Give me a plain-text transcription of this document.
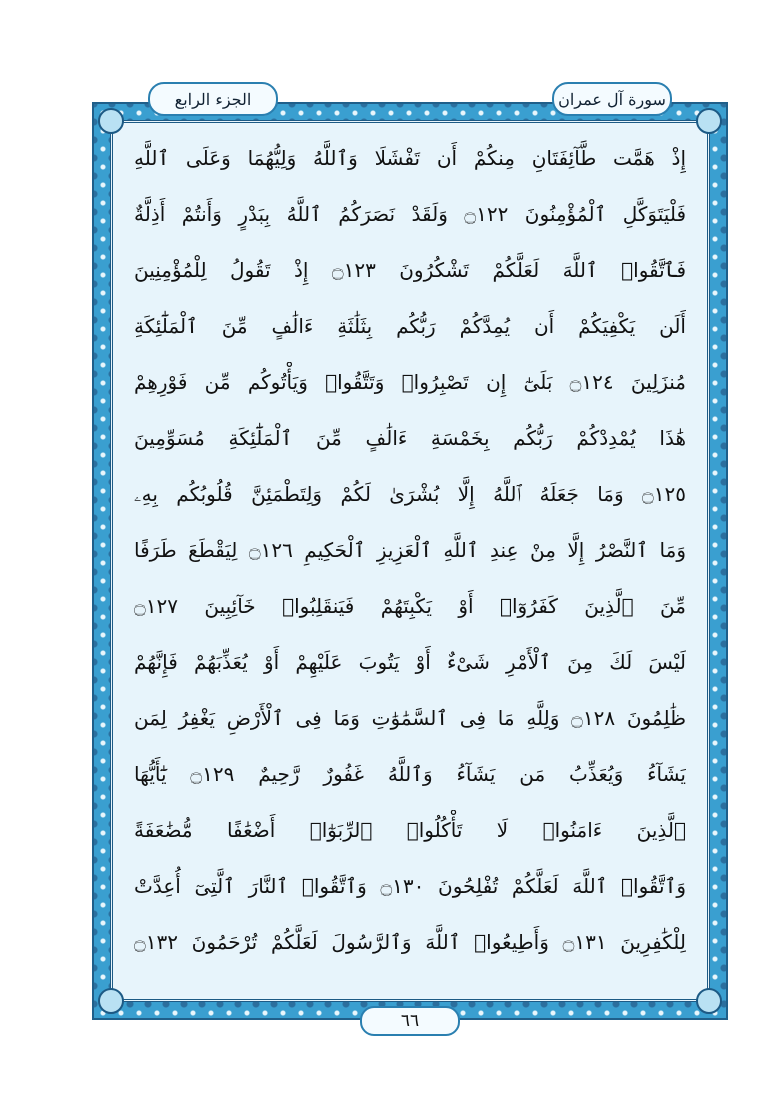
الجزء الرابع	سورة آل عمران
إِذْ هَمَّت طَّآئِفَتَانِ مِنكُمْ أَن تَفْشَلَا وَٱللَّهُ وَلِيُّهُمَا وَعَلَى ٱللَّهِ
فَلْيَتَوَكَّلِ ٱلْمُؤْمِنُونَ ۝١٢٢ وَلَقَدْ نَصَرَكُمُ ٱللَّهُ بِبَدْرٍ وَأَنتُمْ أَذِلَّةٌ
فَٱتَّقُوا۟ ٱللَّهَ لَعَلَّكُمْ تَشْكُرُونَ ۝١٢٣ إِذْ تَقُولُ لِلْمُؤْمِنِينَ
أَلَن يَكْفِيَكُمْ أَن يُمِدَّكُمْ رَبُّكُم بِثَلَٰثَةِ ءَالَٰفٍ مِّنَ ٱلْمَلَٰٓئِكَةِ
مُنزَلِينَ ۝١٢٤ بَلَىٰٓ إِن تَصْبِرُوا۟ وَتَتَّقُوا۟ وَيَأْتُوكُم مِّن فَوْرِهِمْ
هَٰذَا يُمْدِدْكُمْ رَبُّكُم بِخَمْسَةِ ءَالَٰفٍ مِّنَ ٱلْمَلَٰٓئِكَةِ مُسَوِّمِينَ
۝١٢٥ وَمَا جَعَلَهُ ٱللَّهُ إِلَّا بُشْرَىٰ لَكُمْ وَلِتَطْمَئِنَّ قُلُوبُكُم بِهِۦ
وَمَا ٱلنَّصْرُ إِلَّا مِنْ عِندِ ٱللَّهِ ٱلْعَزِيزِ ٱلْحَكِيمِ ۝١٢٦ لِيَقْطَعَ طَرَفًا
مِّنَ ٱلَّذِينَ كَفَرُوٓا۟ أَوْ يَكْبِتَهُمْ فَيَنقَلِبُوا۟ خَآئِبِينَ ۝١٢٧
لَيْسَ لَكَ مِنَ ٱلْأَمْرِ شَىْءٌ أَوْ يَتُوبَ عَلَيْهِمْ أَوْ يُعَذِّبَهُمْ فَإِنَّهُمْ
ظَٰلِمُونَ ۝١٢٨ وَلِلَّهِ مَا فِى ٱلسَّمَٰوَٰتِ وَمَا فِى ٱلْأَرْضِ يَغْفِرُ لِمَن
يَشَآءُ وَيُعَذِّبُ مَن يَشَآءُ وَٱللَّهُ غَفُورٌ رَّحِيمٌ ۝١٢٩ يَٰٓأَيُّهَا
ٱلَّذِينَ ءَامَنُوا۟ لَا تَأْكُلُوا۟ ٱلرِّبَوٰٓا۟ أَضْعَٰفًا مُّضَٰعَفَةً
وَٱتَّقُوا۟ ٱللَّهَ لَعَلَّكُمْ تُفْلِحُونَ ۝١٣٠ وَٱتَّقُوا۟ ٱلنَّارَ ٱلَّتِىٓ أُعِدَّتْ
لِلْكَٰفِرِينَ ۝١٣١ وَأَطِيعُوا۟ ٱللَّهَ وَٱلرَّسُولَ لَعَلَّكُمْ تُرْحَمُونَ ۝١٣٢
٦٦
